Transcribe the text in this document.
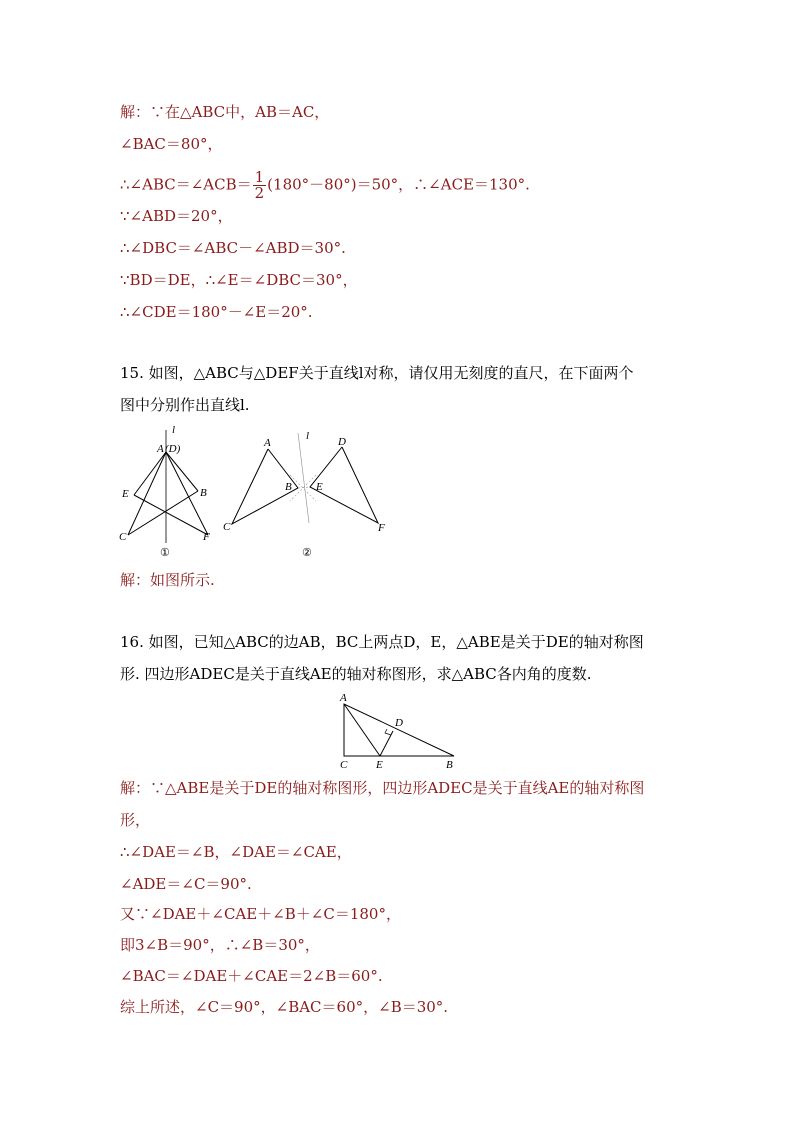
解：∵在△ABC中，AB＝AC，
∠BAC＝80°，
∴∠ABC＝∠ACB＝ $\frac{1}{2} (180^\circ-80^\circ)=50^\circ$，∴∠ACE＝130°.
∵∠ABD＝20°，
∴∠DBC＝∠ABC－∠ABD＝30°.
∵BD＝DE，∴∠E＝∠DBC＝30°，
∴∠CDE＝180°－∠E＝20°.
15. 如图，△ABC与△DEF关于直线l对称，请仅用无刻度的直尺，在下面两个
图中分别作出直线l.
A (D)
l
E	B
C	F
①
A	D
l
B E
C	F
②
解：如图所示.
16. 如图，已知△ABC的边AB，BC上两点D，E，△ABE是关于DE的轴对称图
形. 四边形ADEC是关于直线AE的轴对称图形，求△ABC各内角的度数.
A
D
C	E	B
解：∵△ABE是关于DE的轴对称图形，四边形ADEC是关于直线AE的轴对称图
形，
∴∠DAE＝∠B，∠DAE＝∠CAE，
∠ADE＝∠C＝90°.
又∵∠DAE＋∠CAE＋∠B＋∠C＝180°，
即3∠B＝90°，∴∠B＝30°，
∠BAC＝∠DAE＋∠CAE＝2∠B＝60°.
综上所述，∠C＝90°，∠BAC＝60°，∠B＝30°.
